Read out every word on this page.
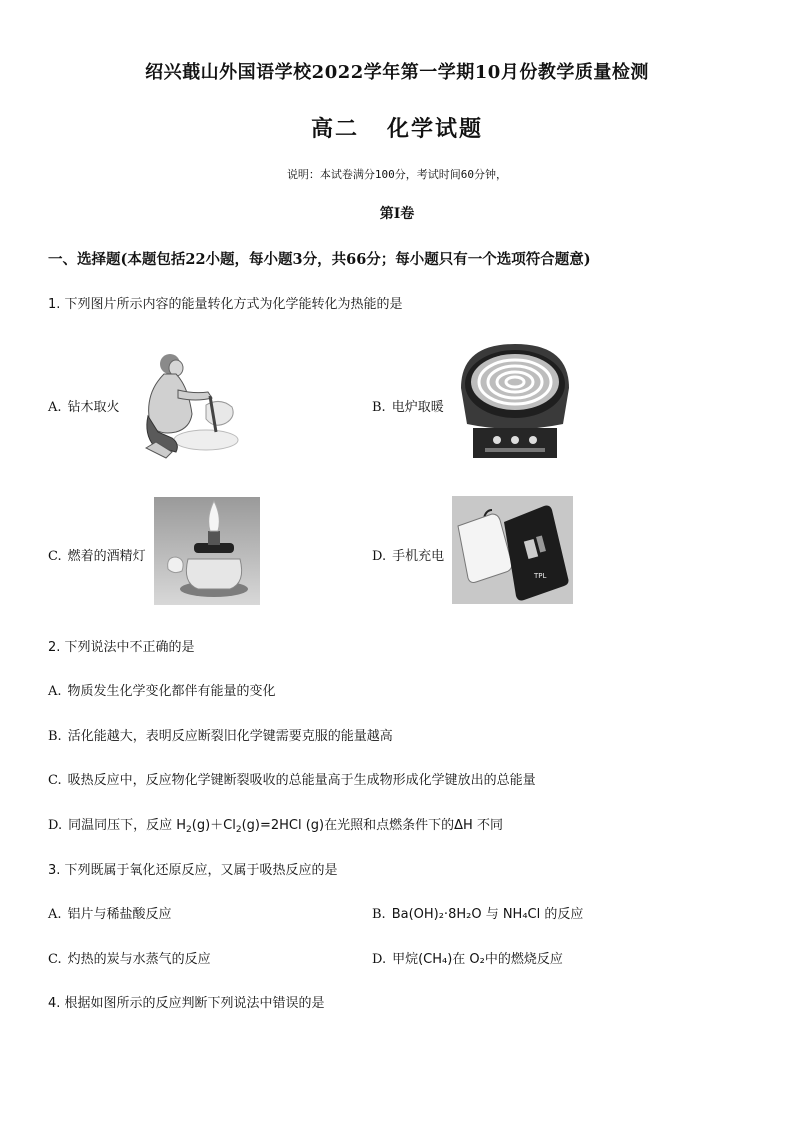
绍兴蕺山外国语学校2022学年第一学期10月份教学质量检测
高二 化学试题
说明：本试卷满分100分，考试时间60分钟，
第I卷
一、选择题(本题包括22小题，每小题3分，共66分；每小题只有一个选项符合题意)
1. 下列图片所示内容的能量转化方式为化学能转化为热能的是
A. 钻木取火	B. 电炉取暖
C. 燃着的酒精灯	D. 手机充电
TPL
2. 下列说法中不正确的是
A. 物质发生化学变化都伴有能量的变化
B. 活化能越大，表明反应断裂旧化学键需要克服的能量越高
C. 吸热反应中，反应物化学键断裂吸收的总能量高于生成物形成化学键放出的总能量
D. 同温同压下，反应 $H_2(g)+Cl_2(g)=2HCl$ (g)在光照和点燃条件下的ΔH 不同
3. 下列既属于氧化还原反应，又属于吸热反应的是
A. 铝片与稀盐酸反应	B. Ba(OH)₂·8H₂O 与 NH₄Cl 的反应
C. 灼热的炭与水蒸气的反应	D. 甲烷(CH₄)在 O₂中的燃烧反应
4. 根据如图所示的反应判断下列说法中错误的是
